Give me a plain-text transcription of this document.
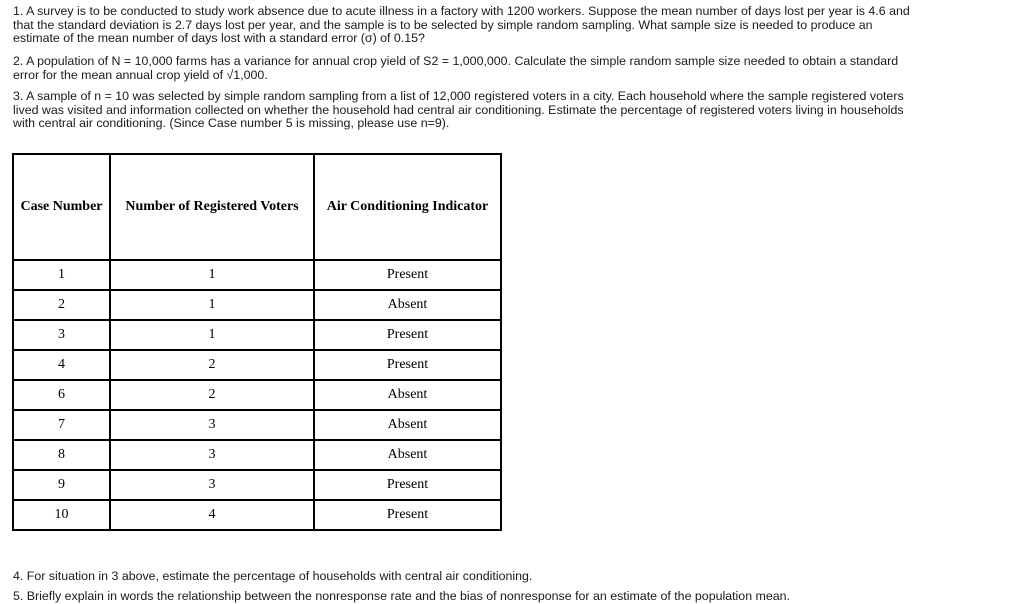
1. A survey is to be conducted to study work absence due to acute illness in a factory with 1200 workers. Suppose the mean number of days lost per year is 4.6 and that the standard deviation is 2.7 days lost per year, and the sample is to be selected by simple random sampling. What sample size is needed to produce an estimate of the mean number of days lost with a standard error (σ) of 0.15?
2. A population of N = 10,000 farms has a variance for annual crop yield of S2 = 1,000,000. Calculate the simple random sample size needed to obtain a standard error for the mean annual crop yield of √1,000.
3. A sample of n = 10 was selected by simple random sampling from a list of 12,000 registered voters in a city. Each household where the sample registered voters lived was visited and information collected on whether the household had central air conditioning. Estimate the percentage of registered voters living in households with central air conditioning. (Since Case number 5 is missing, please use n=9).
Case Number	Number of Registered Voters	Air Conditioning Indicator
1	1	Present
2	1	Absent
3	1	Present
4	2	Present
6	2	Absent
7	3	Absent
8	3	Absent
9	3	Present
10	4	Present
4. For situation in 3 above, estimate the percentage of households with central air conditioning.
5. Briefly explain in words the relationship between the nonresponse rate and the bias of nonresponse for an estimate of the population mean.
